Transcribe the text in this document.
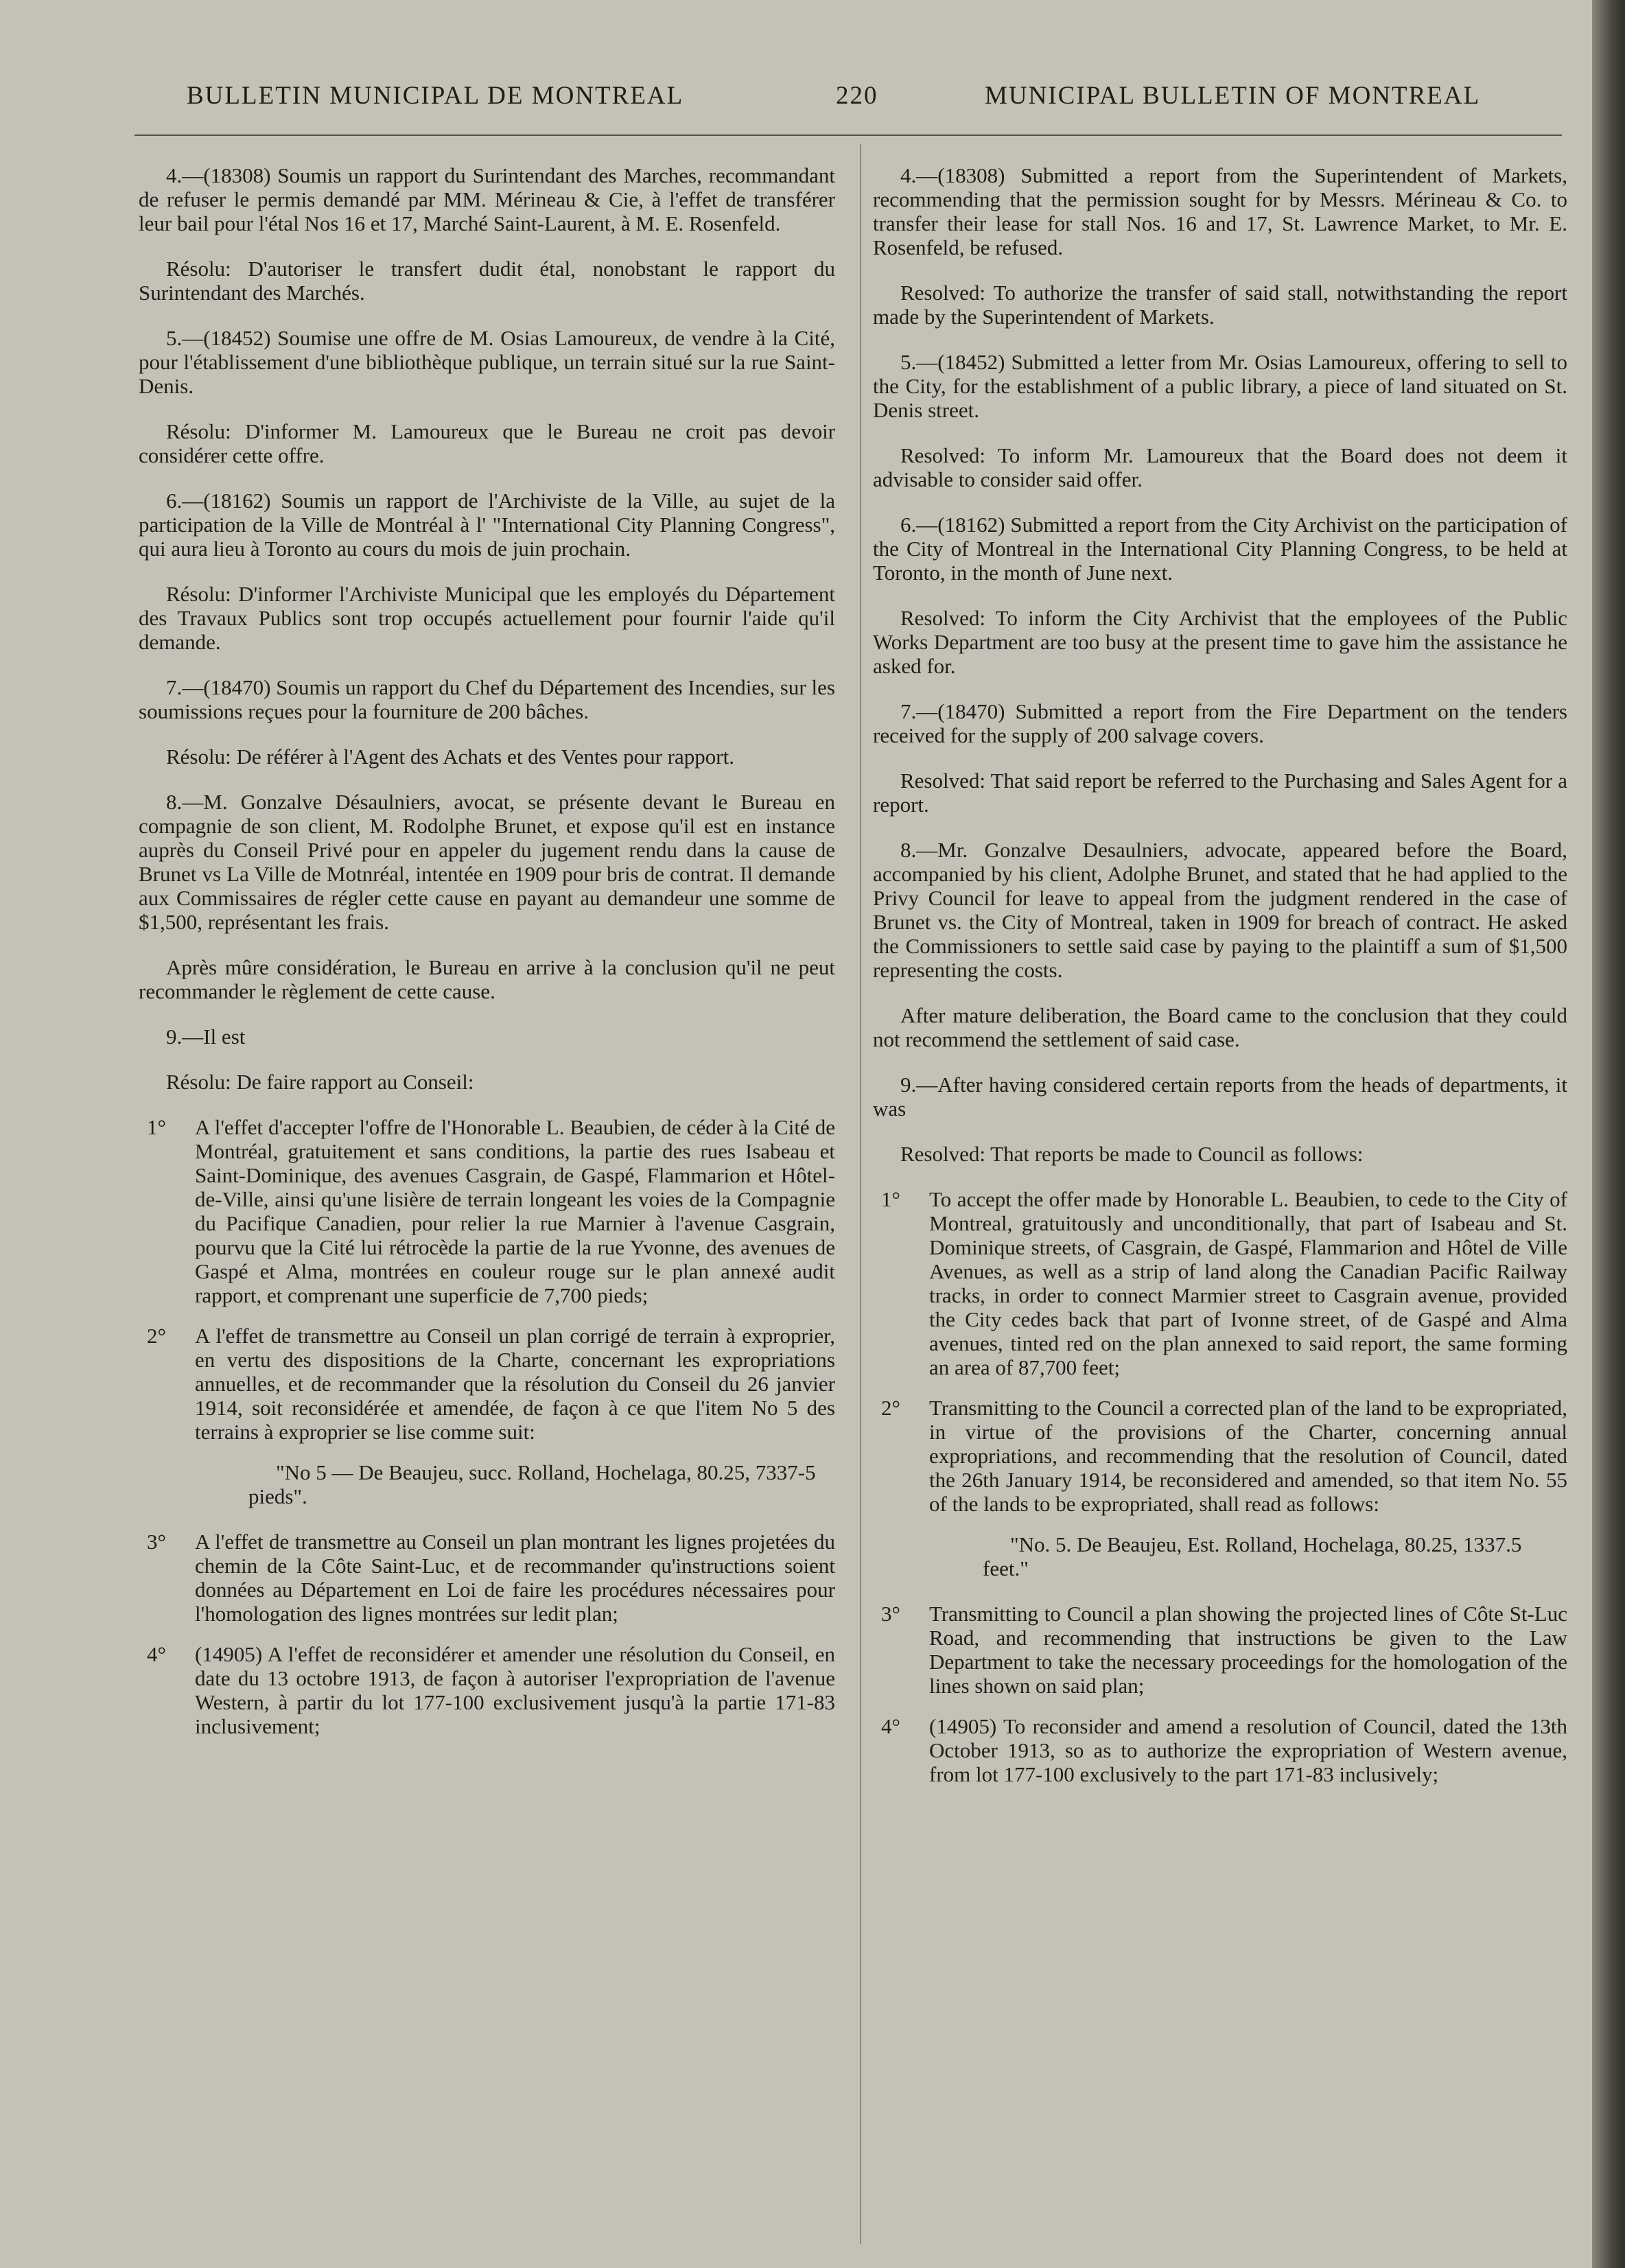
BULLETIN MUNICIPAL DE MONTREAL	220	MUNICIPAL BULLETIN OF MONTREAL

4.—(18308) Soumis un rapport du Surintendant des Marches, recommandant de refuser le permis demandé par MM. Mérineau & Cie, à l'effet de transférer leur bail pour l'étal Nos 16 et 17, Marché Saint-Laurent, à M. E. Rosenfeld.

Résolu: D'autoriser le transfert dudit étal, nonobstant le rapport du Surintendant des Marchés.

5.—(18452) Soumise une offre de M. Osias Lamoureux, de vendre à la Cité, pour l'établissement d'une bibliothèque publique, un terrain situé sur la rue Saint-Denis.

Résolu: D'informer M. Lamoureux que le Bureau ne croit pas devoir considérer cette offre.

6.—(18162) Soumis un rapport de l'Archiviste de la Ville, au sujet de la participation de la Ville de Montréal à l' "International City Planning Congress", qui aura lieu à Toronto au cours du mois de juin prochain.

Résolu: D'informer l'Archiviste Municipal que les employés du Département des Travaux Publics sont trop occupés actuellement pour fournir l'aide qu'il demande.

7.—(18470) Soumis un rapport du Chef du Département des Incendies, sur les soumissions reçues pour la fourniture de 200 bâches.

Résolu: De référer à l'Agent des Achats et des Ventes pour rapport.

8.—M. Gonzalve Désaulniers, avocat, se présente devant le Bureau en compagnie de son client, M. Rodolphe Brunet, et expose qu'il est en instance auprès du Conseil Privé pour en appeler du jugement rendu dans la cause de Brunet vs La Ville de Motnréal, intentée en 1909 pour bris de contrat. Il demande aux Commissaires de régler cette cause en payant au demandeur une somme de $1,500, représentant les frais.

Après mûre considération, le Bureau en arrive à la conclusion qu'il ne peut recommander le règlement de cette cause.

9.—Il est

Résolu: De faire rapport au Conseil:

1° A l'effet d'accepter l'offre de l'Honorable L. Beaubien, de céder à la Cité de Montréal, gratuitement et sans conditions, la partie des rues Isabeau et Saint-Dominique, des avenues Casgrain, de Gaspé, Flammarion et Hôtel-de-Ville, ainsi qu'une lisière de terrain longeant les voies de la Compagnie du Pacifique Canadien, pour relier la rue Marnier à l'avenue Casgrain, pourvu que la Cité lui rétrocède la partie de la rue Yvonne, des avenues de Gaspé et Alma, montrées en couleur rouge sur le plan annexé audit rapport, et comprenant une superficie de 7,700 pieds;
2° A l'effet de transmettre au Conseil un plan corrigé de terrain à exproprier, en vertu des dispositions de la Charte, concernant les expropriations annuelles, et de recommander que la résolution du Conseil du 26 janvier 1914, soit reconsidérée et amendée, de façon à ce que l'item No 5 des terrains à exproprier se lise comme suit:

"No 5 — De Beaujeu, succ. Rolland, Hochelaga, 80.25, 7337-5 pieds".

3° A l'effet de transmettre au Conseil un plan montrant les lignes projetées du chemin de la Côte Saint-Luc, et de recommander qu'instructions soient données au Département en Loi de faire les procédures nécessaires pour l'homologation des lignes montrées sur ledit plan;
4° (14905) A l'effet de reconsidérer et amender une résolution du Conseil, en date du 13 octobre 1913, de façon à autoriser l'expropriation de l'avenue Western, à partir du lot 177-100 exclusivement jusqu'à la partie 171-83 inclusivement;

4.—(18308) Submitted a report from the Superintendent of Markets, recommending that the permission sought for by Messrs. Mérineau & Co. to transfer their lease for stall Nos. 16 and 17, St. Lawrence Market, to Mr. E. Rosenfeld, be refused.

Resolved: To authorize the transfer of said stall, notwithstanding the report made by the Superintendent of Markets.

5.—(18452) Submitted a letter from Mr. Osias Lamoureux, offering to sell to the City, for the establishment of a public library, a piece of land situated on St. Denis street.

Resolved: To inform Mr. Lamoureux that the Board does not deem it advisable to consider said offer.

6.—(18162) Submitted a report from the City Archivist on the participation of the City of Montreal in the International City Planning Congress, to be held at Toronto, in the month of June next.

Resolved: To inform the City Archivist that the employees of the Public Works Department are too busy at the present time to gave him the assistance he asked for.

7.—(18470) Submitted a report from the Fire Department on the tenders received for the supply of 200 salvage covers.

Resolved: That said report be referred to the Purchasing and Sales Agent for a report.

8.—Mr. Gonzalve Desaulniers, advocate, appeared before the Board, accompanied by his client, Adolphe Brunet, and stated that he had applied to the Privy Council for leave to appeal from the judgment rendered in the case of Brunet vs. the City of Montreal, taken in 1909 for breach of contract. He asked the Commissioners to settle said case by paying to the plaintiff a sum of $1,500 representing the costs.

After mature deliberation, the Board came to the conclusion that they could not recommend the settlement of said case.

9.—After having considered certain reports from the heads of departments, it was

Resolved: That reports be made to Council as follows:

1° To accept the offer made by Honorable L. Beaubien, to cede to the City of Montreal, gratuitously and unconditionally, that part of Isabeau and St. Dominique streets, of Casgrain, de Gaspé, Flammarion and Hôtel de Ville Avenues, as well as a strip of land along the Canadian Pacific Railway tracks, in order to connect Marmier street to Casgrain avenue, provided the City cedes back that part of Ivonne street, of de Gaspé and Alma avenues, tinted red on the plan annexed to said report, the same forming an area of 87,700 feet;
2° Transmitting to the Council a corrected plan of the land to be expropriated, in virtue of the provisions of the Charter, concerning annual expropriations, and recommending that the resolution of Council, dated the 26th January 1914, be reconsidered and amended, so that item No. 55 of the lands to be expropriated, shall read as follows:

"No. 5. De Beaujeu, Est. Rolland, Hochelaga, 80.25, 1337.5 feet."

3° Transmitting to Council a plan showing the projected lines of Côte St-Luc Road, and recommending that instructions be given to the Law Department to take the necessary proceedings for the homologation of the lines shown on said plan;
4° (14905) To reconsider and amend a resolution of Council, dated the 13th October 1913, so as to authorize the expropriation of Western avenue, from lot 177-100 exclusively to the part 171-83 inclusively;
